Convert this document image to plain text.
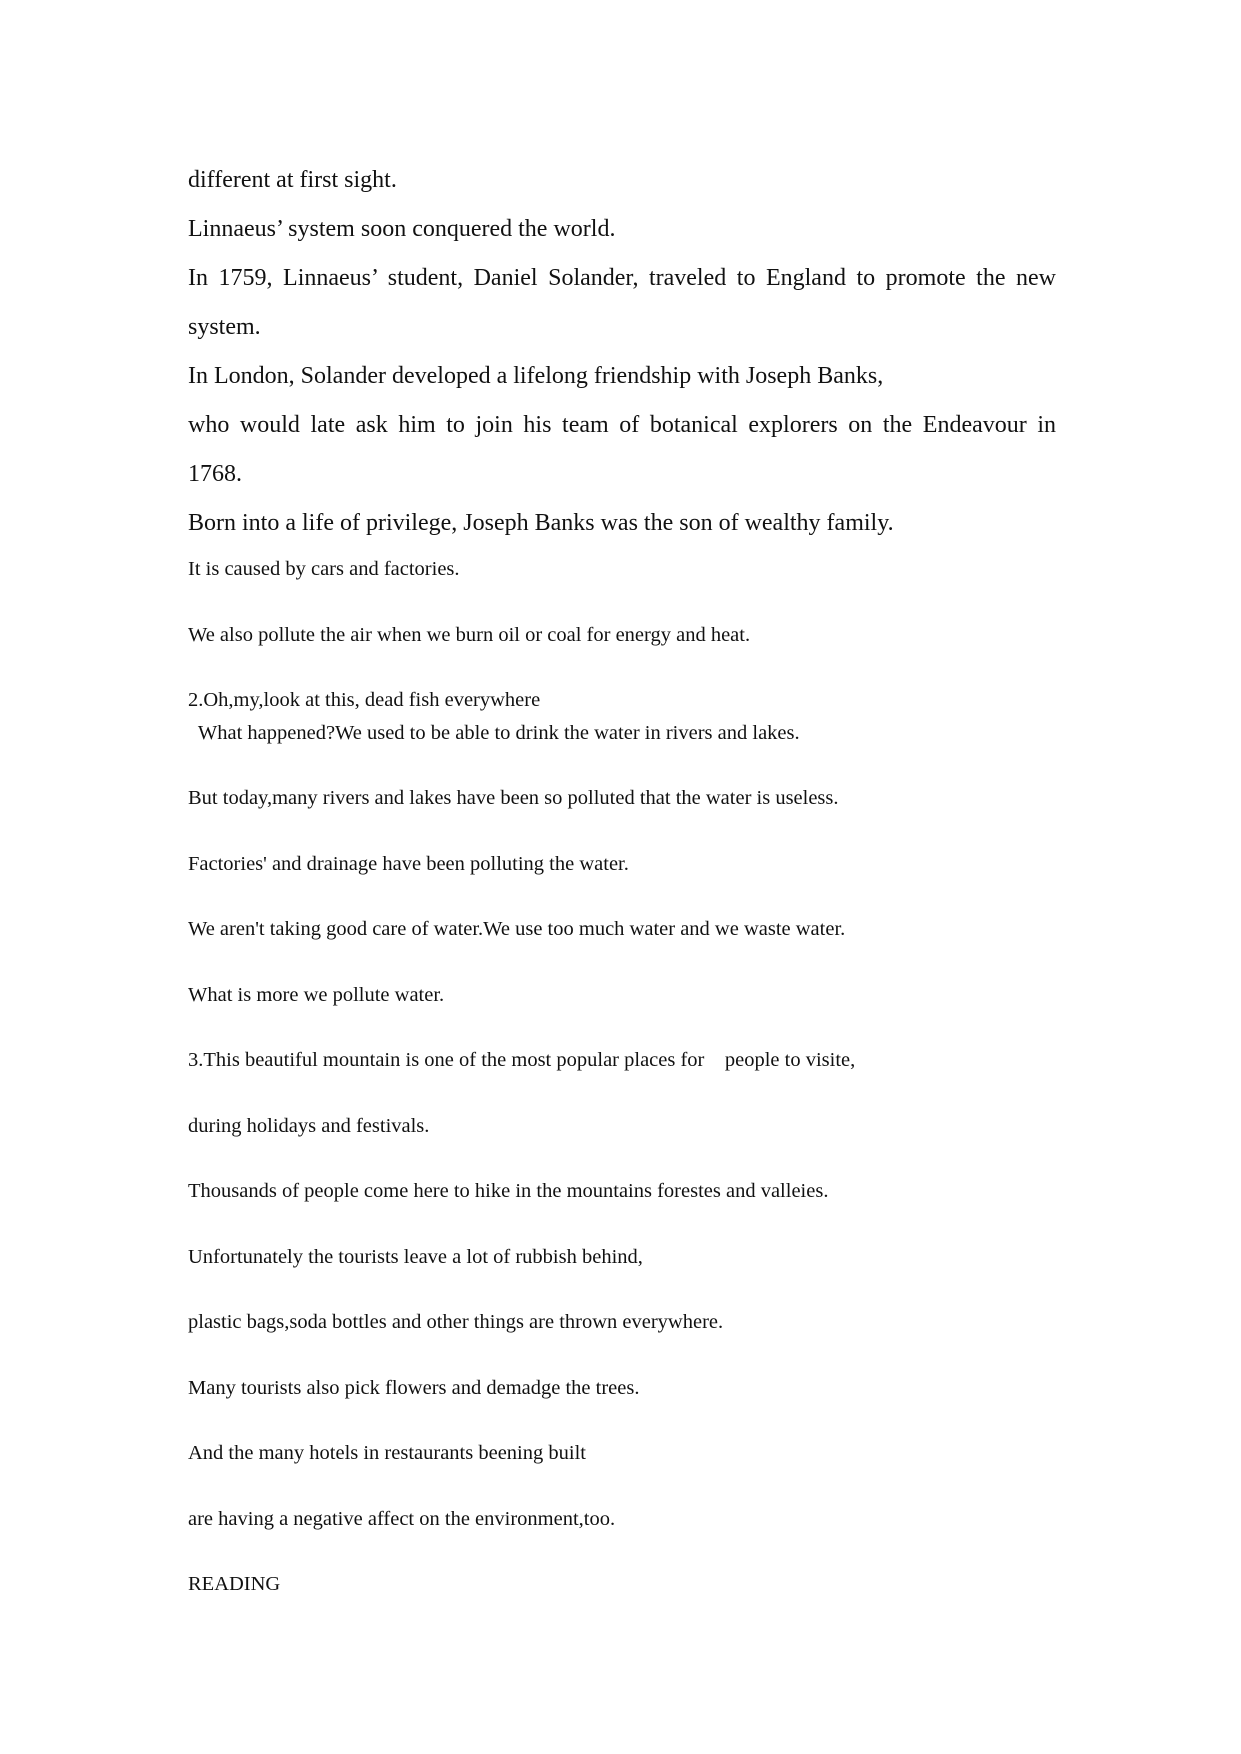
different at first sight.

Linnaeus’ system soon conquered the world.

In 1759, Linnaeus’ student, Daniel Solander, traveled to England to promote the new

system.

In London, Solander developed a lifelong friendship with Joseph Banks,

who would late ask him to join his team of botanical explorers on the Endeavour in

1768.

Born into a life of privilege, Joseph Banks was the son of wealthy family.

It is caused by cars and factories.

We also pollute the air when we burn oil or coal for energy and heat.

2.Oh,my,look at this, dead fish everywhere

What happened?We used to be able to drink the water in rivers and lakes.

But today,many rivers and lakes have been so polluted that the water is useless.

Factories' and drainage have been polluting the water.

We aren't taking good care of water.We use too much water and we waste water.

What is more we pollute water.

3.This beautiful mountain is one of the most popular places for    people to visite,

during holidays and festivals.

Thousands of people come here to hike in the mountains forestes and valleies.

Unfortunately the tourists leave a lot of rubbish behind,

plastic bags,soda bottles and other things are thrown everywhere.

Many tourists also pick flowers and demadge the trees.

And the many hotels in restaurants beening built

are having a negative affect on the environment,too.

READING
